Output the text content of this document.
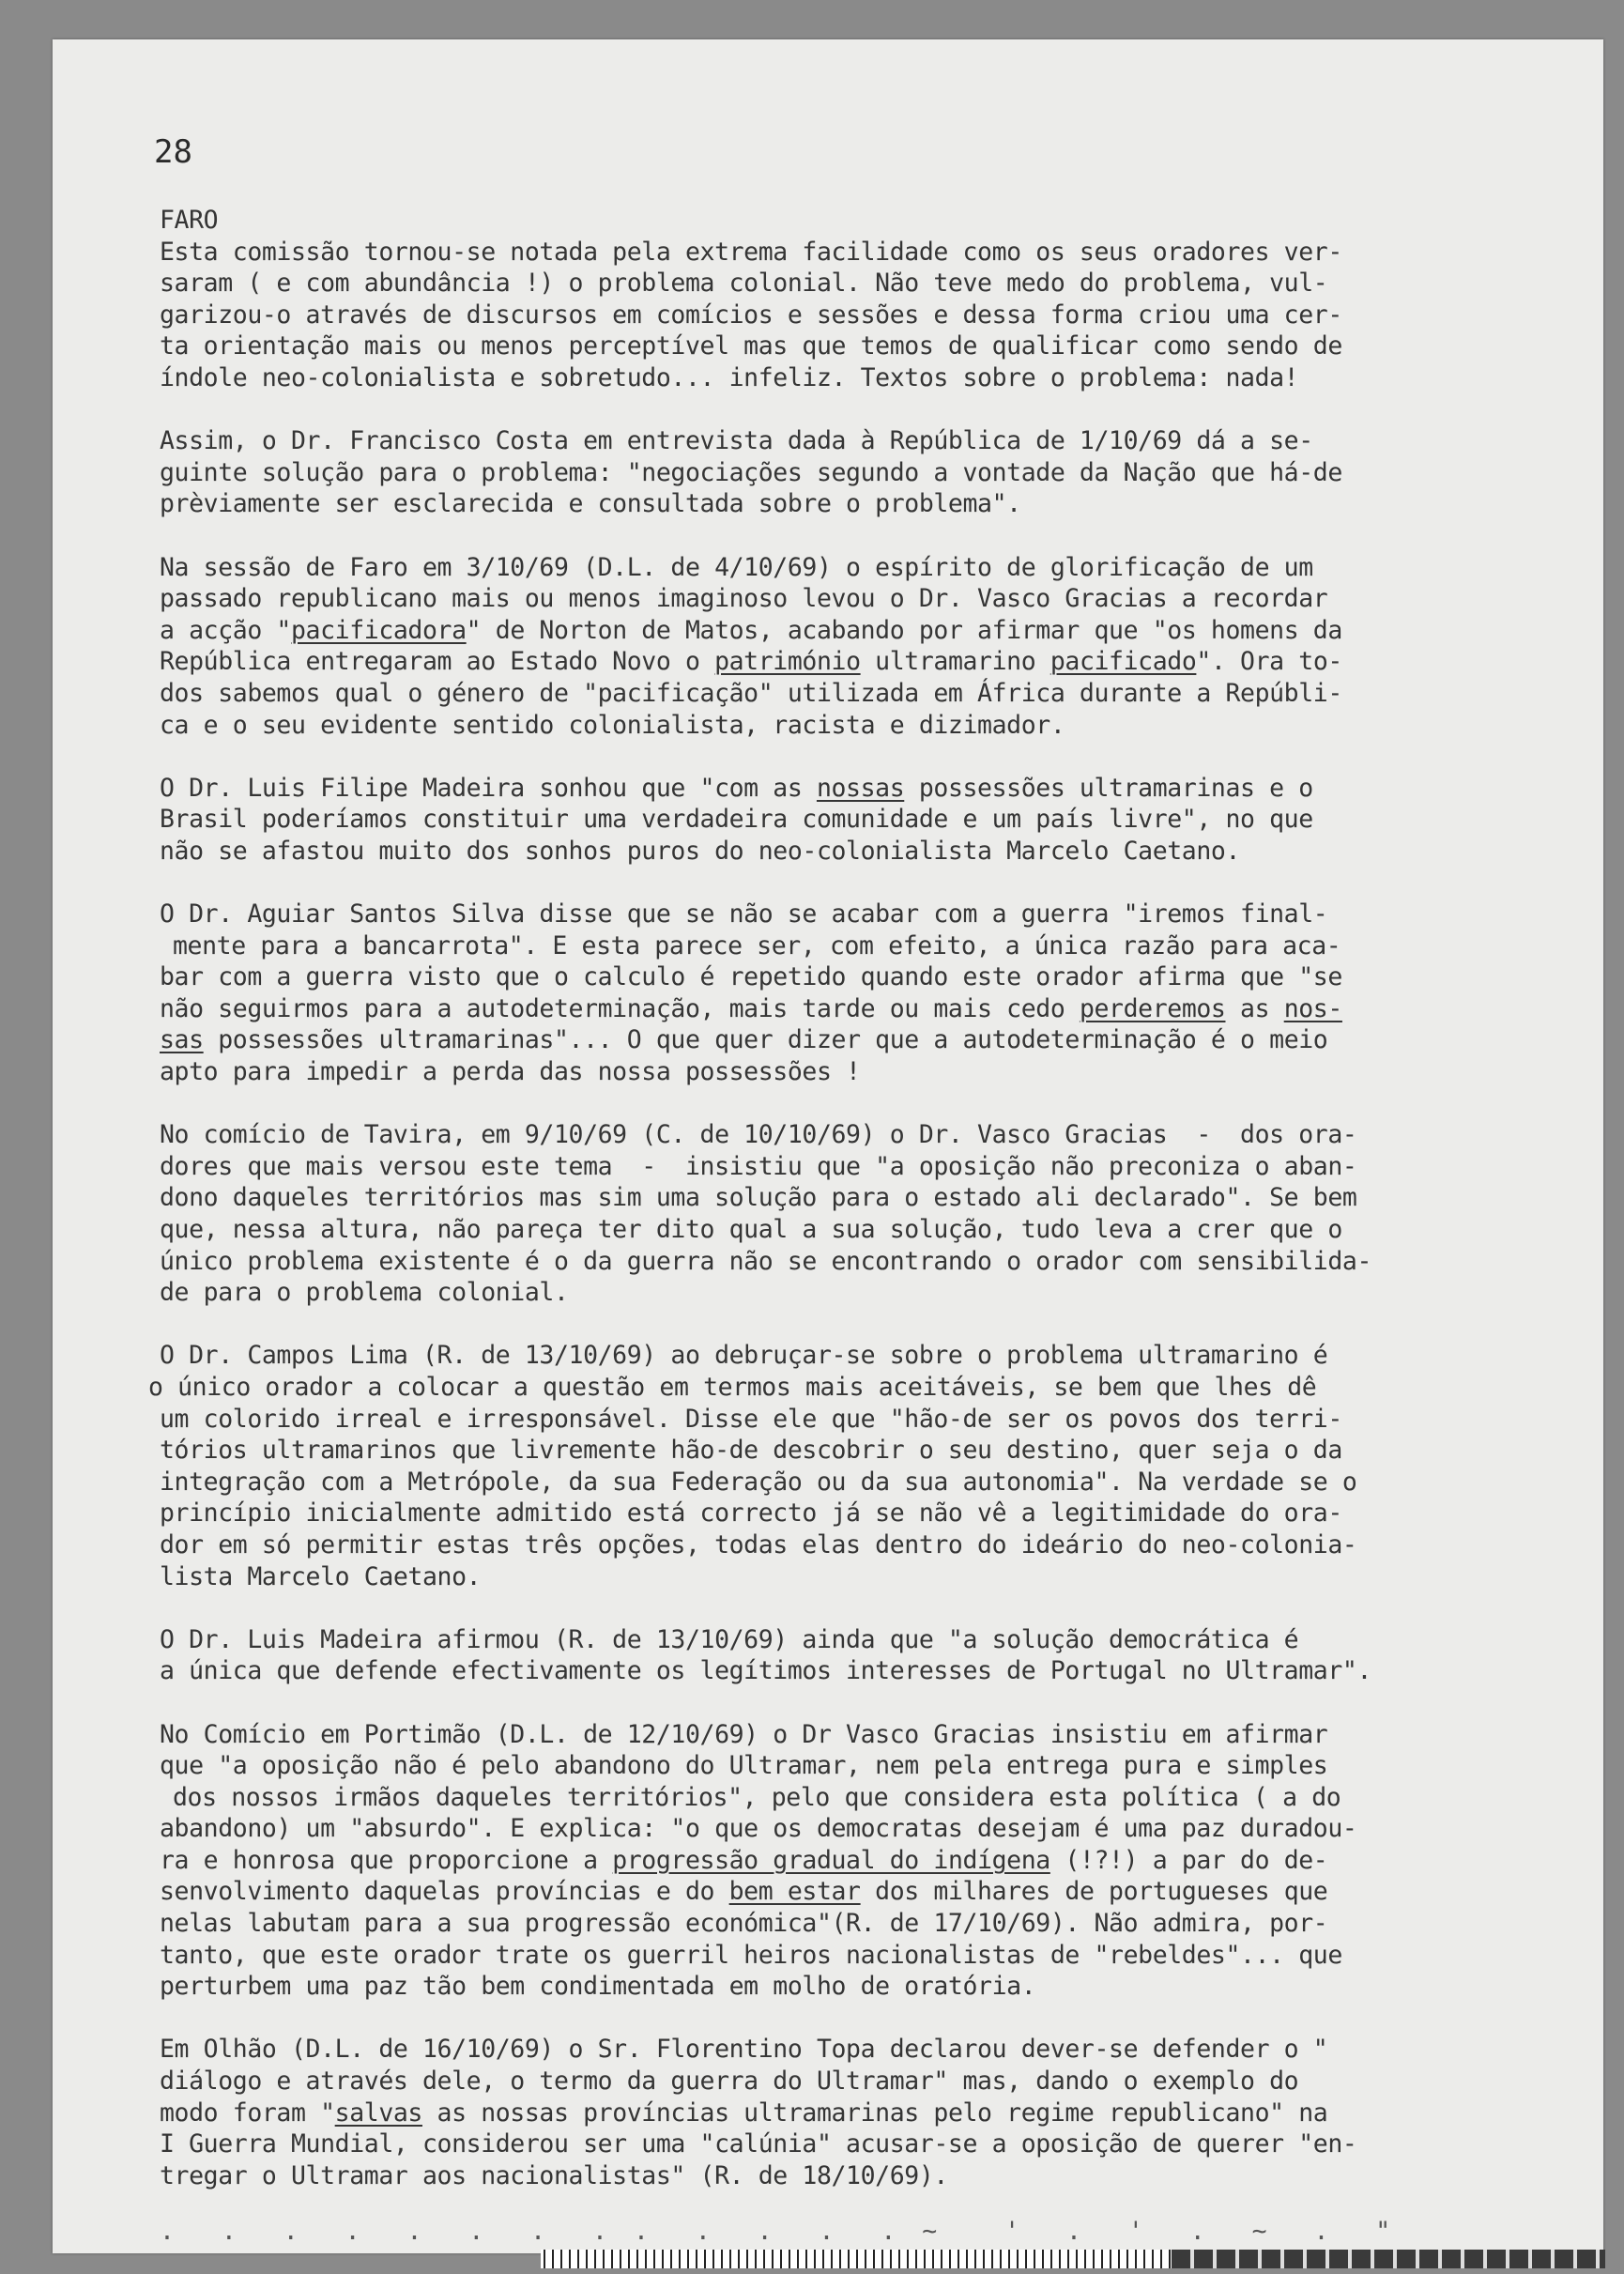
28
FARO
Esta comissão tornou-se notada pela extrema facilidade como os seus oradores ver-
saram ( e com abundância !) o problema colonial. Não teve medo do problema, vul-
garizou-o através de discursos em comícios e sessões e dessa forma criou uma cer-
ta orientação mais ou menos perceptível mas que temos de qualificar como sendo de
índole neo-colonialista e sobretudo... infeliz. Textos sobre o problema: nada!
Assim, o Dr. Francisco Costa em entrevista dada à República de 1/10/69 dá a se-
guinte solução para o problema: "negociações segundo a vontade da Nação que há-de
prèviamente ser esclarecida e consultada sobre o problema".
Na sessão de Faro em 3/10/69 (D.L. de 4/10/69) o espírito de glorificação de um
passado republicano mais ou menos imaginoso levou o Dr. Vasco Gracias a recordar
a acção "pacificadora" de Norton de Matos, acabando por afirmar que "os homens da
República entregaram ao Estado Novo o património ultramarino pacificado". Ora to-
dos sabemos qual o género de "pacificação" utilizada em África durante a Repúbli-
ca e o seu evidente sentido colonialista, racista e dizimador.
O Dr. Luis Filipe Madeira sonhou que "com as nossas possessões ultramarinas e o
Brasil poderíamos constituir uma verdadeira comunidade e um país livre", no que
não se afastou muito dos sonhos puros do neo-colonialista Marcelo Caetano.
O Dr. Aguiar Santos Silva disse que se não se acabar com a guerra "iremos final-
mente para a bancarrota". E esta parece ser, com efeito, a única razão para aca-
bar com a guerra visto que o calculo é repetido quando este orador afirma que "se
não seguirmos para a autodeterminação, mais tarde ou mais cedo perderemos as nos-
sas possessões ultramarinas"... O que quer dizer que a autodeterminação é o meio
apto para impedir a perda das nossa possessões !
No comício de Tavira, em 9/10/69 (C. de 10/10/69) o Dr. Vasco Gracias  -  dos ora-
dores que mais versou este tema  -  insistiu que "a oposição não preconiza o aban-
dono daqueles territórios mas sim uma solução para o estado ali declarado". Se bem
que, nessa altura, não pareça ter dito qual a sua solução, tudo leva a crer que o
único problema existente é o da guerra não se encontrando o orador com sensibilida-
de para o problema colonial.
O Dr. Campos Lima (R. de 13/10/69) ao debruçar-se sobre o problema ultramarino é
o único orador a colocar a questão em termos mais aceitáveis, se bem que lhes dê
um colorido irreal e irresponsável. Disse ele que "hão-de ser os povos dos terri-
tórios ultramarinos que livremente hão-de descobrir o seu destino, quer seja o da
integração com a Metrópole, da sua Federação ou da sua autonomia". Na verdade se o
princípio inicialmente admitido está correcto já se não vê a legitimidade do ora-
dor em só permitir estas três opções, todas elas dentro do ideário do neo-colonia-
lista Marcelo Caetano.
O Dr. Luis Madeira afirmou (R. de 13/10/69) ainda que "a solução democrática é
a única que defende efectivamente os legítimos interesses de Portugal no Ultramar".
No Comício em Portimão (D.L. de 12/10/69) o Dr Vasco Gracias insistiu em afirmar
que "a oposição não é pelo abandono do Ultramar, nem pela entrega pura e simples
dos nossos irmãos daqueles territórios", pelo que considera esta política ( a do
abandono) um "absurdo". E explica: "o que os democratas desejam é uma paz duradou-
ra e honrosa que proporcione a progressão gradual do indígena (!?!) a par do de-
senvolvimento daquelas províncias e do bem estar dos milhares de portugueses que
nelas labutam para a sua progressão económica"(R. de 17/10/69). Não admira, por-
tanto, que este orador trate os guerril heiros nacionalistas de "rebeldes"... que
perturbem uma paz tão bem condimentada em molho de oratória.
Em Olhão (D.L. de 16/10/69) o Sr. Florentino Topa declarou dever-se defender o "
diálogo e através dele, o termo da guerra do Ultramar" mas, dando o exemplo do
modo foram "salvas as nossas províncias ultramarinas pelo regime republicano" na
I Guerra Mundial, considerou ser uma "calúnia" acusar-se a oposição de querer "en-
tregar o Ultramar aos nacionalistas" (R. de 18/10/69).
.  .  .  .  .  .  .  . .  .  .  .  . ~   '  .  '  .  ~  .  "
